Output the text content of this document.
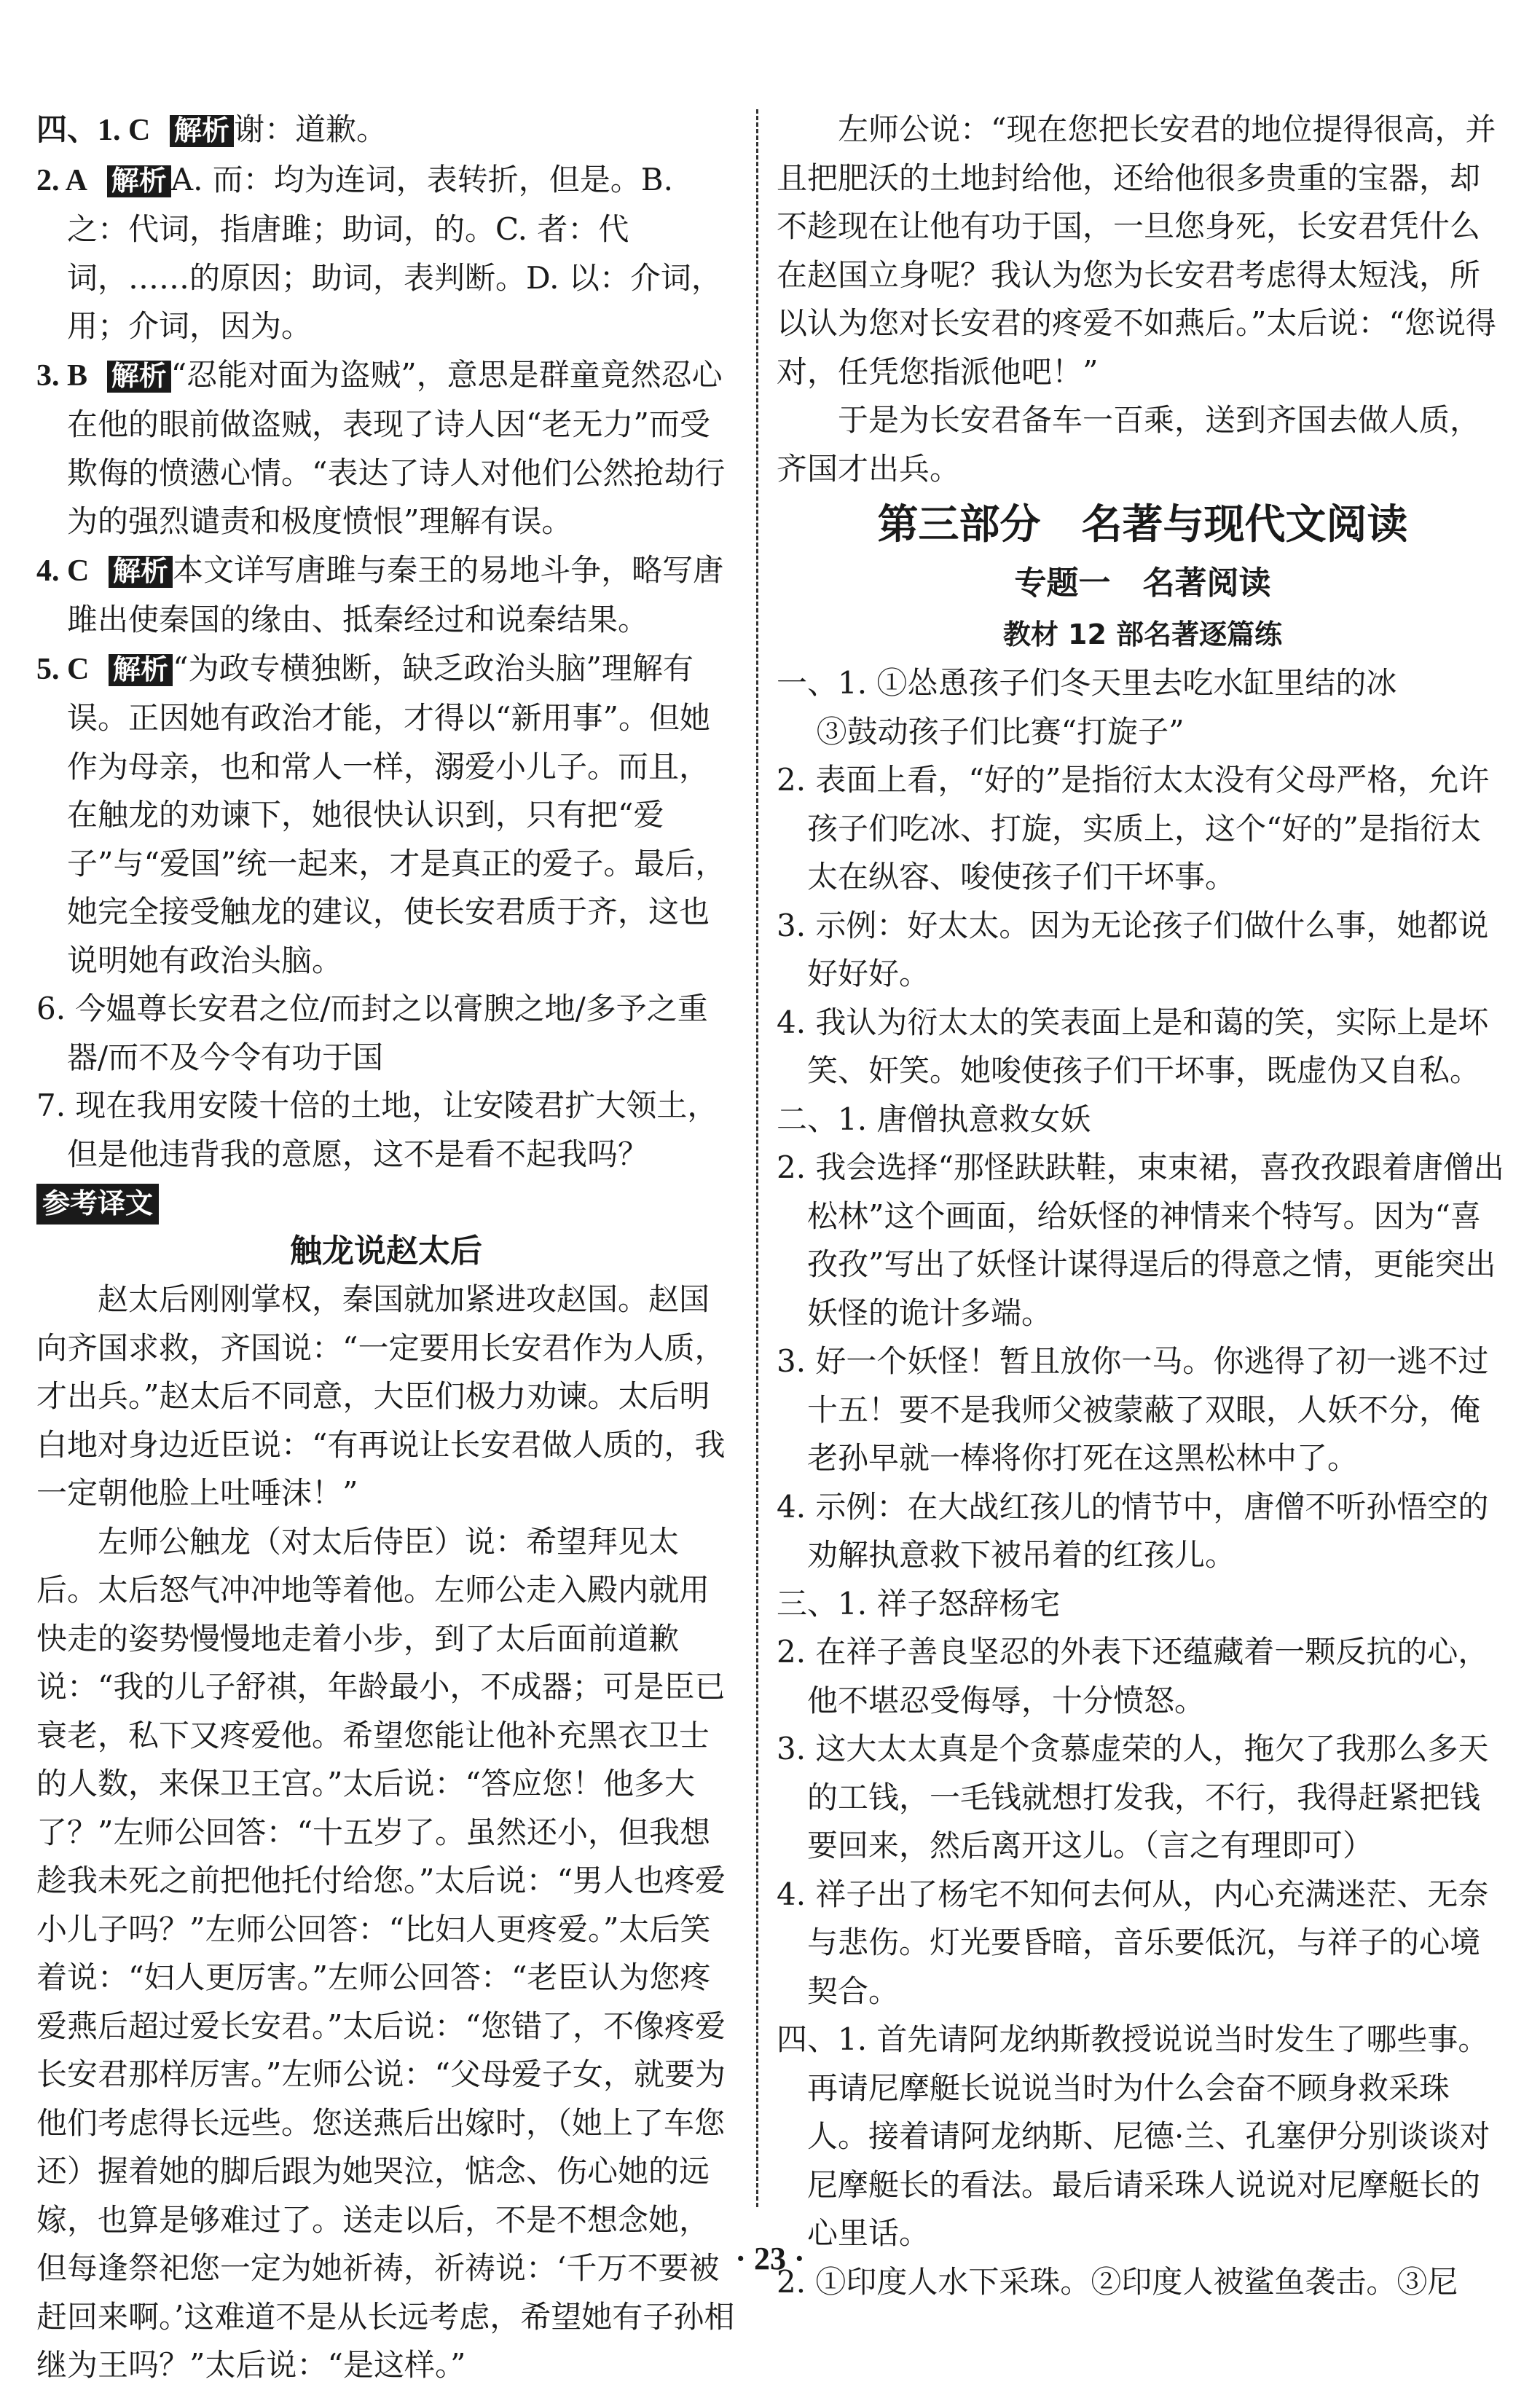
四、1. C 解析 谢：道歉。

2. A 解析 A. 而：均为连词，表转折，但是。B. 之：代词，指唐雎；助词，的。C. 者：代词，……的原因；助词，表判断。D. 以：介词，用；介词，因为。

3. B 解析 “忍能对面为盗贼”，意思是群童竟然忍心在他的眼前做盗贼，表现了诗人因“老无力”而受欺侮的愤懑心情。“表达了诗人对他们公然抢劫行为的强烈谴责和极度愤恨”理解有误。

4. C 解析 本文详写唐雎与秦王的易地斗争，略写唐雎出使秦国的缘由、抵秦经过和说秦结果。

5. C 解析 “为政专横独断，缺乏政治头脑”理解有误。正因她有政治才能，才得以“新用事”。但她作为母亲，也和常人一样，溺爱小儿子。而且，在触龙的劝谏下，她很快认识到，只有把“爱子”与“爱国”统一起来，才是真正的爱子。最后，她完全接受触龙的建议，使长安君质于齐，这也说明她有政治头脑。

6. 今媪尊长安君之位/而封之以膏腴之地/多予之重器/而不及今令有功于国

7. 现在我用安陵十倍的土地，让安陵君扩大领土，但是他违背我的意愿，这不是看不起我吗？

参考译文

触龙说赵太后

赵太后刚刚掌权，秦国就加紧进攻赵国。赵国向齐国求救，齐国说：“一定要用长安君作为人质，才出兵。”赵太后不同意，大臣们极力劝谏。太后明白地对身边近臣说：“有再说让长安君做人质的，我一定朝他脸上吐唾沫！”

左师公触龙（对太后侍臣）说：希望拜见太后。太后怒气冲冲地等着他。左师公走入殿内就用快走的姿势慢慢地走着小步，到了太后面前道歉说：“我的儿子舒祺，年龄最小，不成器；可是臣已衰老，私下又疼爱他。希望您能让他补充黑衣卫士的人数，来保卫王宫。”太后说：“答应您！他多大了？”左师公回答：“十五岁了。虽然还小，但我想趁我未死之前把他托付给您。”太后说：“男人也疼爱小儿子吗？”左师公回答：“比妇人更疼爱。”太后笑着说：“妇人更厉害。”左师公回答：“老臣认为您疼爱燕后超过爱长安君。”太后说：“您错了，不像疼爱长安君那样厉害。”左师公说：“父母爱子女，就要为他们考虑得长远些。您送燕后出嫁时，（她上了车您还）握着她的脚后跟为她哭泣，惦念、伤心她的远嫁，也算是够难过了。送走以后，不是不想念她，但每逢祭祀您一定为她祈祷，祈祷说：‘千万不要被赶回来啊。’这难道不是从长远考虑，希望她有子孙相继为王吗？”太后说：“是这样。”

左师公说：“现在您把长安君的地位提得很高，并且把肥沃的土地封给他，还给他很多贵重的宝器，却不趁现在让他有功于国，一旦您身死，长安君凭什么在赵国立身呢？我认为您为长安君考虑得太短浅，所以认为您对长安君的疼爱不如燕后。”太后说：“您说得对，任凭您指派他吧！”

于是为长安君备车一百乘，送到齐国去做人质，齐国才出兵。

第三部分　名著与现代文阅读

专题一　名著阅读

教材 12 部名著逐篇练

一、1. ①怂恿孩子们冬天里去吃水缸里结的冰

③鼓动孩子们比赛“打旋子”

2. 表面上看，“好的”是指衍太太没有父母严格，允许孩子们吃冰、打旋，实质上，这个“好的”是指衍太太在纵容、唆使孩子们干坏事。

3. 示例：好太太。因为无论孩子们做什么事，她都说好好好。

4. 我认为衍太太的笑表面上是和蔼的笑，实际上是坏笑、奸笑。她唆使孩子们干坏事，既虚伪又自私。

二、1. 唐僧执意救女妖

2. 我会选择“那怪趺趺鞋，束束裙，喜孜孜跟着唐僧出松林”这个画面，给妖怪的神情来个特写。因为“喜孜孜”写出了妖怪计谋得逞后的得意之情，更能突出妖怪的诡计多端。

3. 好一个妖怪！暂且放你一马。你逃得了初一逃不过十五！要不是我师父被蒙蔽了双眼，人妖不分，俺老孙早就一棒将你打死在这黑松林中了。

4. 示例：在大战红孩儿的情节中，唐僧不听孙悟空的劝解执意救下被吊着的红孩儿。

三、1. 祥子怒辞杨宅

2. 在祥子善良坚忍的外表下还蕴藏着一颗反抗的心，他不堪忍受侮辱，十分愤怒。

3. 这大太太真是个贪慕虚荣的人，拖欠了我那么多天的工钱，一毛钱就想打发我，不行，我得赶紧把钱要回来，然后离开这儿。（言之有理即可）

4. 祥子出了杨宅不知何去何从，内心充满迷茫、无奈与悲伤。灯光要昏暗，音乐要低沉，与祥子的心境契合。

四、1. 首先请阿龙纳斯教授说说当时发生了哪些事。再请尼摩艇长说说当时为什么会奋不顾身救采珠人。接着请阿龙纳斯、尼德·兰、孔塞伊分别谈谈对尼摩艇长的看法。最后请采珠人说说对尼摩艇长的心里话。

2. ①印度人水下采珠。②印度人被鲨鱼袭击。③尼

· 23 ·
